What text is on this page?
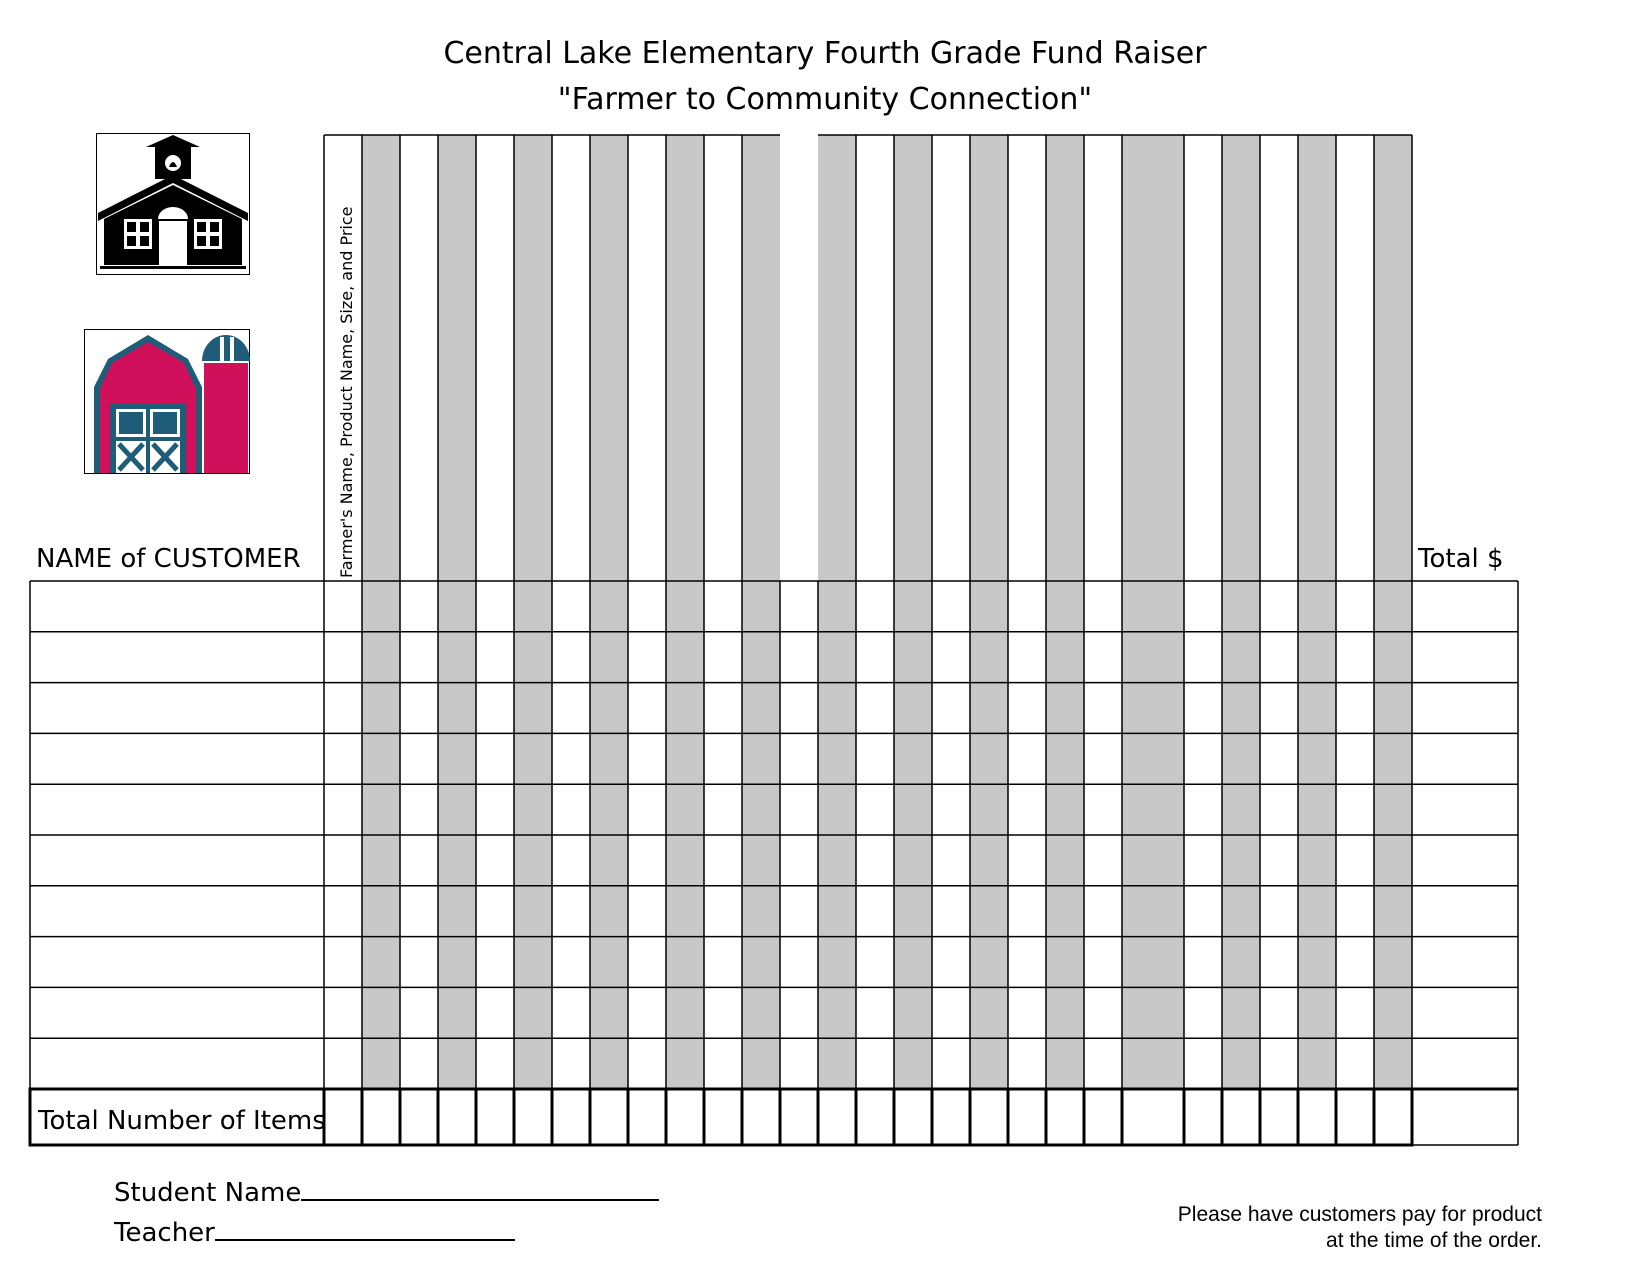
Central Lake Elementary Fourth Grade Fund Raiser
"Farmer to Community Connection"
Farmer's Name, Product Name, Size, and Price
NAME of CUSTOMER	Total $
Total Number of Items
Student Name
Teacher
Please have customers pay for product
at the time of the order.
